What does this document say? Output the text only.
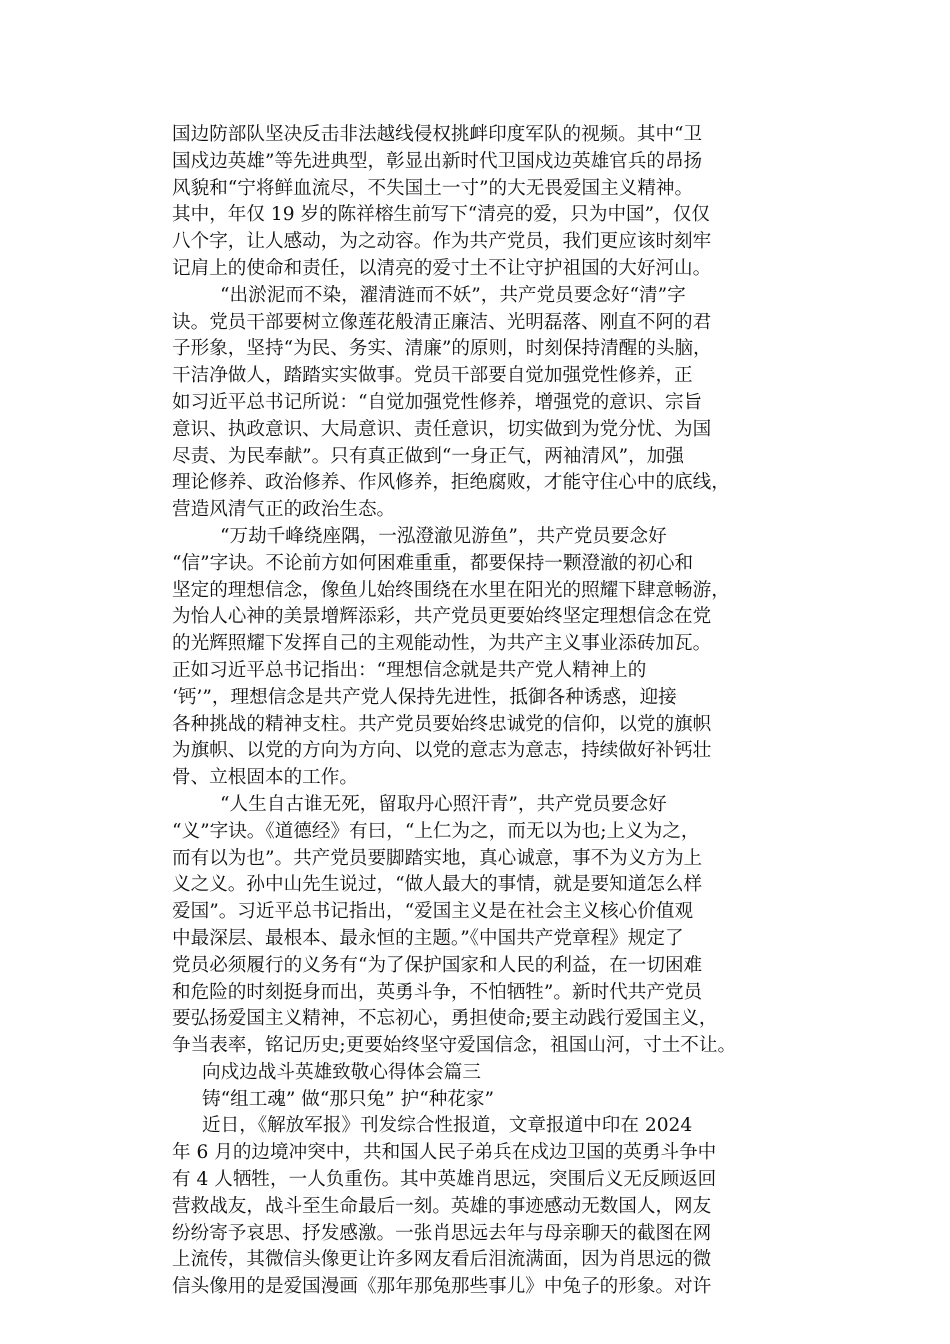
国边防部队坚决反击非法越线侵权挑衅印度军队的视频。其中“卫
国戍边英雄”等先进典型，彰显出新时代卫国戍边英雄官兵的昂扬
风貌和“宁将鲜血流尽，不失国土一寸”的大无畏爱国主义精神。
其中，年仅 19 岁的陈祥榕生前写下“清亮的爱，只为中国”，仅仅
八个字，让人感动，为之动容。作为共产党员，我们更应该时刻牢
记肩上的使命和责任，以清亮的爱寸土不让守护祖国的大好河山。
“出淤泥而不染，濯清涟而不妖”，共产党员要念好“清”字
诀。党员干部要树立像莲花般清正廉洁、光明磊落、刚直不阿的君
子形象，坚持“为民、务实、清廉”的原则，时刻保持清醒的头脑，
干洁净做人，踏踏实实做事。党员干部要自觉加强党性修养，正
如习近平总书记所说：“自觉加强党性修养，增强党的意识、宗旨
意识、执政意识、大局意识、责任意识，切实做到为党分忧、为国
尽责、为民奉献”。只有真正做到“一身正气，两袖清风”，加强
理论修养、政治修养、作风修养，拒绝腐败，才能守住心中的底线，
营造风清气正的政治生态。
“万劫千峰绕座隅，一泓澄澈见游鱼”，共产党员要念好
“信”字诀。不论前方如何困难重重，都要保持一颗澄澈的初心和
坚定的理想信念，像鱼儿始终围绕在水里在阳光的照耀下肆意畅游，
为怡人心神的美景增辉添彩，共产党员更要始终坚定理想信念在党
的光辉照耀下发挥自己的主观能动性，为共产主义事业添砖加瓦。
正如习近平总书记指出：“理想信念就是共产党人精神上的
‘钙’”，理想信念是共产党人保持先进性，抵御各种诱惑，迎接
各种挑战的精神支柱。共产党员要始终忠诚党的信仰，以党的旗帜
为旗帜、以党的方向为方向、以党的意志为意志，持续做好补钙壮
骨、立根固本的工作。
“人生自古谁无死，留取丹心照汗青”，共产党员要念好
“义”字诀。《道德经》有曰，“上仁为之，而无以为也;上义为之，
而有以为也”。共产党员要脚踏实地，真心诚意，事不为义方为上
义之义。孙中山先生说过，“做人最大的事情，就是要知道怎么样
爱国”。习近平总书记指出，“爱国主义是在社会主义核心价值观
中最深层、最根本、最永恒的主题。”《中国共产党章程》规定了
党员必须履行的义务有“为了保护国家和人民的利益，在一切困难
和危险的时刻挺身而出，英勇斗争，不怕牺牲”。新时代共产党员
要弘扬爱国主义精神，不忘初心，勇担使命;要主动践行爱国主义，
争当表率，铭记历史;更要始终坚守爱国信念，祖国山河，寸土不让。
向戍边战斗英雄致敬心得体会篇三
铸“组工魂” 做“那只兔” 护“种花家”
近日，《解放军报》刊发综合性报道，文章报道中印在 2024
年 6 月的边境冲突中，共和国人民子弟兵在戍边卫国的英勇斗争中
有 4 人牺牲，一人负重伤。其中英雄肖思远，突围后义无反顾返回
营救战友，战斗至生命最后一刻。英雄的事迹感动无数国人，网友
纷纷寄予哀思、抒发感激。一张肖思远去年与母亲聊天的截图在网
上流传，其微信头像更让许多网友看后泪流满面，因为肖思远的微
信头像用的是爱国漫画《那年那兔那些事儿》中兔子的形象。对许
